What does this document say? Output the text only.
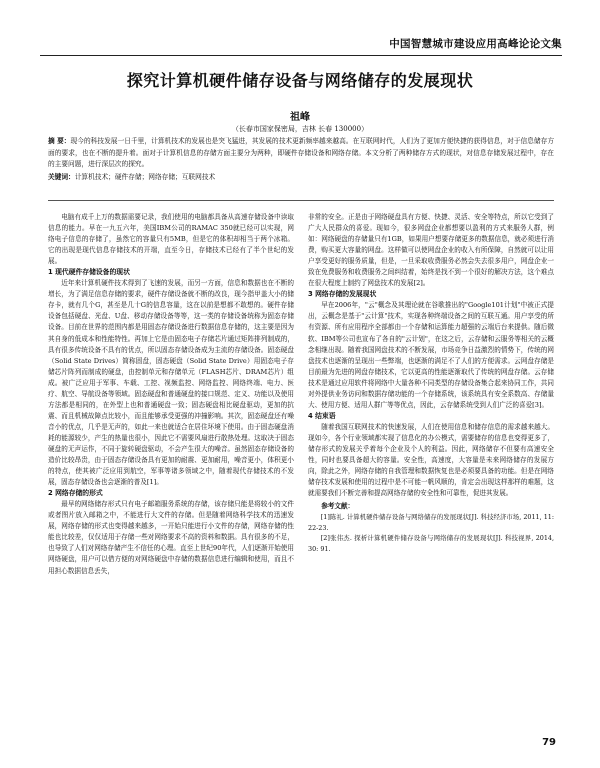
中国智慧城市建设应用高峰论论文集
探究计算机硬件储存设备与网络储存的发展现状
祖峰
（长春市国家保密局，吉林 长春 130000）
摘 要：现今的科技发展一日千里，计算机技术的发展也是突飞猛进，其发展的技术更新频率越来越高。在互联网时代，人们为了更加方便快捷的获得信息，对于信息储存方面的要求，也在不断的提升着。面对于计算机信息的存储方面主要分为两种，即硬件存储设备和网络存储。本文分析了两种储存方式的现状，对信息存储发展过程中，存在的主要问题，进行深层次的探究。
关键词：计算机技术；硬件存储；网络存储；互联网技术

电脑有成千上万的数据需要记录，我们使用的电脑都具备从高速存储设备中读取信息的能力。早在一九五六年，美国IBM公司的RAMAC 350就已经可以实现，网络电子信息的存储了，虽然它的容量只有5MB，但是它的体积却相当于两个冰箱。它的出现是现代信息存储技术的开端，直至今日，存储技术已经有了半个世纪的发展。

1 现代硬件存储设备的现状

近年来计算机硬件技术得到了飞速的发展，而另一方面，信息和数据也在不断的增长，为了满足信息存储的要求，硬件存储设备就不断的改良，现今指甲盖大小的储存卡，就有几个G，甚至是几十G的信息容量，这在以前是想都不敢想的。硬件存储设备包括硬盘、光盘、U盘、移动存储设备等等，这一类的存储设备统称为固态存储设备。目前在世界的范围内都是用固态存储设备进行数据信息存储的，这主要是因为其自身的低成本和性能特性。再加上它是由固态电子存储芯片通过矩阵排列制成的，具有很多传统设备不具有的优点，所以固态存储设备成为主流的存储设备。固态硬盘（Solid State Drives）简称固盘，固态硬盘（Solid State Drive）用固态电子存储芯片阵列而制成的硬盘，由控制单元和存储单元（FLASH芯片、DRAM芯片）组成。被广泛应用于军事、车载、工控、视频监控、网络监控、网络终端、电力、医疗、航空、导航设备等领域。固态硬盘和普通硬盘的接口规范、定义、功能以及使用方法都是相同的，在外型上也和普通硬盘一致；固态硬盘相比硬盘驱动，更加的抗震、而且机械故障点比较小，而且能够承受更强的冲撞影响。其次，固态硬盘还有噪音小的优点，几乎是无声的，如此一来也就适合在居住环境下使用。由于固态硬盘消耗的能源较少，产生的热量也很小，因此它不需要风扇进行散热处理。这取决于固态硬盘的无声运作，不同于旋转硬盘驱动，不会产生很大的噪音。虽然固态存储设备的造价比较昂贵，由于固态存储设备具有更加的耐震、更加耐用，噪音更小，体积更小的特点，使其被广泛应用到航空，军事等诸多领域之中，随着现代存储技术的不发展，固态存储设备也会逐渐的普及[1]。

2 网络存储的形式

最早的网络储存形式只有电子邮箱服务系统的存储，该存储只能是将较小的文件或者图片放入邮箱之中，不能进行大文件的存储。但是随着网络科学技术的迅速发展，网络存储的形式也变得越来越多，一开始只能进行小文件的存储，网络存储的性能也比较差，仅仅适用于存储一些对网络要求不高的资料和数据。具有很多的不足，也导致了人们对网络存储产生不信任的心理。直至上世纪90年代，人们逐渐开始使用网络硬盘，用户可以借方便的对网络硬盘中存储的数据信息进行编辑和使用，而且不用担心数据信息丢失，

非常的安全。正是由于网络硬盘具有方便、快捷、灵活、安全等特点，所以它受到了广大人民群众的喜爱。现如今，很多网盘企业都想要以盈利的方式来服务人群，例如：网络硬盘的存储量只有1GB，如果用户想要存储更多的数据信息，就必须进行消费，购买更大容量的网盘。这样做可以使网盘企业的收入有所保障，自然就可以让用户享受更好的服务质量，但是，一旦采取收费服务必然会失去很多用户，网盘企业一致在免费服务和收费服务之间纠结着，始终是找不到一个很好的解决方法，这个难点在很大程度上制约了网盘技术的发展[2]。

3 网络存储的发展现状

早在2006年，"云"概念及其理论就在谷歌推出的"Google101计划"中被正式提出，云概念是基于"云计算"技术，实现各种终端设备之间的互联互通。用户享受的所有资源、所有应用程序全部都由一个存储和运算能力超强的云端后台来提供。随后微软、IBM等公司也宣布了各自的"云计划"，在这之后，云存储和云服务等相关的云概念相继出现。随着我国网盘技术的不断发展，市场竞争日益激烈的情势下，传统的网盘技术也逐渐的呈现出一些弊端，也逐渐的满足不了人们的方便需求。云网盘存储是目前最为先进的网盘存储技术，它以更高的性能逐渐取代了传统的网盘存储。云存储技术是通过应用软件将网络中大量各种不同类型的存储设备集合起来协同工作，共同对外提供业务访问和数据存储功能的一个存储系统，该系统具有安全系数高、存储量大、使用方便、适用人群广等等优点，因此，云存储系统受到人们广泛的喜爱[3]。

4 结束语

随着我国互联网技术的快速发展，人们在使用信息和储存信息的需求越来越大。现如今，各个行业领域都实现了信息化的办公模式，需要储存的信息也变得更多了，储存形式的发展关乎着每个企业及个人的利益。因此，网络储存不但要有高速安全性，同时也要具备超大的容量。安全性，高速度，大容量是未来网络储存的发展方向，除此之外，网络存储的自我管理和数据恢复也是必须要具备的功能。但是在网络储存技术发展和使用的过程中是不可能一帆风顺的，肯定会出现这样那样的难题，这就需要我们不断完善和提高网络存储的安全性和可靠性，促进其发展。

参考文献：

[1]陈礼. 计算机硬件储存设备与网络储存的发展现状[J]. 科技经济市场, 2011, 11: 22-23.

[2]张伟杰. 探析计算机硬件储存设备与网络储存的发展现状[J]. 科技视界, 2014, 30: 91.

79
